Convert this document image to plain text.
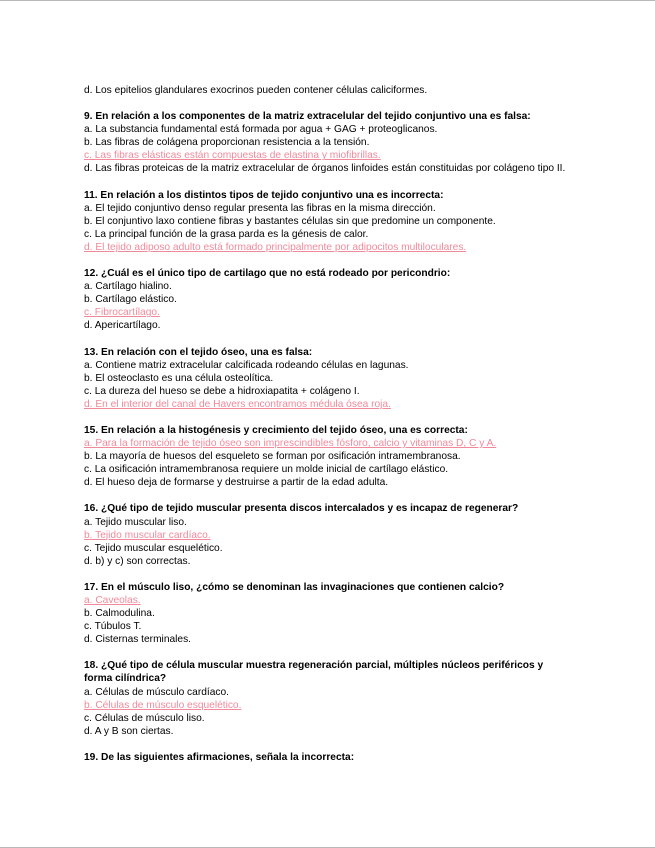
d. Los epitelios glandulares exocrinos pueden contener células caliciformes.
9. En relación a los componentes de la matriz extracelular del tejido conjuntivo una es falsa:
a. La substancia fundamental está formada por agua + GAG + proteoglicanos.
b. Las fibras de colágena proporcionan resistencia a la tensión.
c. Las fibras elásticas están compuestas de elastina y miofibrillas.
d. Las fibras proteicas de la matriz extracelular de órganos linfoides están constituidas por colágeno tipo II.
11. En relación a los distintos tipos de tejido conjuntivo una es incorrecta:
a. El tejido conjuntivo denso regular presenta las fibras en la misma dirección.
b. El conjuntivo laxo contiene fibras y bastantes células sin que predomine un componente.
c. La principal función de la grasa parda es la génesis de calor.
d. El tejido adiposo adulto está formado principalmente por adipocitos multiloculares.
12. ¿Cuál es el único tipo de cartilago que no está rodeado por pericondrio:
a. Cartílago hialino.
b. Cartílago elástico.
c. Fibrocartílago.
d. Apericartílago.
13. En relación con el tejido óseo, una es falsa:
a. Contiene matriz extracelular calcificada rodeando células en lagunas.
b. El osteoclasto es una célula osteolítica.
c. La dureza del hueso se debe a hidroxiapatita + colágeno I.
d. En el interior del canal de Havers encontramos médula ósea roja.
15. En relación a la histogénesis y crecimiento del tejido óseo, una es correcta:
a. Para la formación de tejido óseo son imprescindibles fósforo, calcio y vitaminas D, C y A.
b. La mayoría de huesos del esqueleto se forman por osificación intramembranosa.
c. La osificación intramembranosa requiere un molde inicial de cartílago elástico.
d. El hueso deja de formarse y destruirse a partir de la edad adulta.
16. ¿Qué tipo de tejido muscular presenta discos intercalados y es incapaz de regenerar?
a. Tejido muscular liso.
b. Tejido muscular cardíaco.
c. Tejido muscular esquelético.
d. b) y c) son correctas.
17. En el músculo liso, ¿cómo se denominan las invaginaciones que contienen calcio?
a. Caveolas.
b. Calmodulina.
c. Túbulos T.
d. Cisternas terminales.
18. ¿Qué tipo de célula muscular muestra regeneración parcial, múltiples núcleos periféricos y forma cilíndrica?
a. Células de músculo cardíaco.
b. Células de músculo esquelético.
c. Células de músculo liso.
d. A y B son ciertas.
19. De las siguientes afirmaciones, señala la incorrecta:
